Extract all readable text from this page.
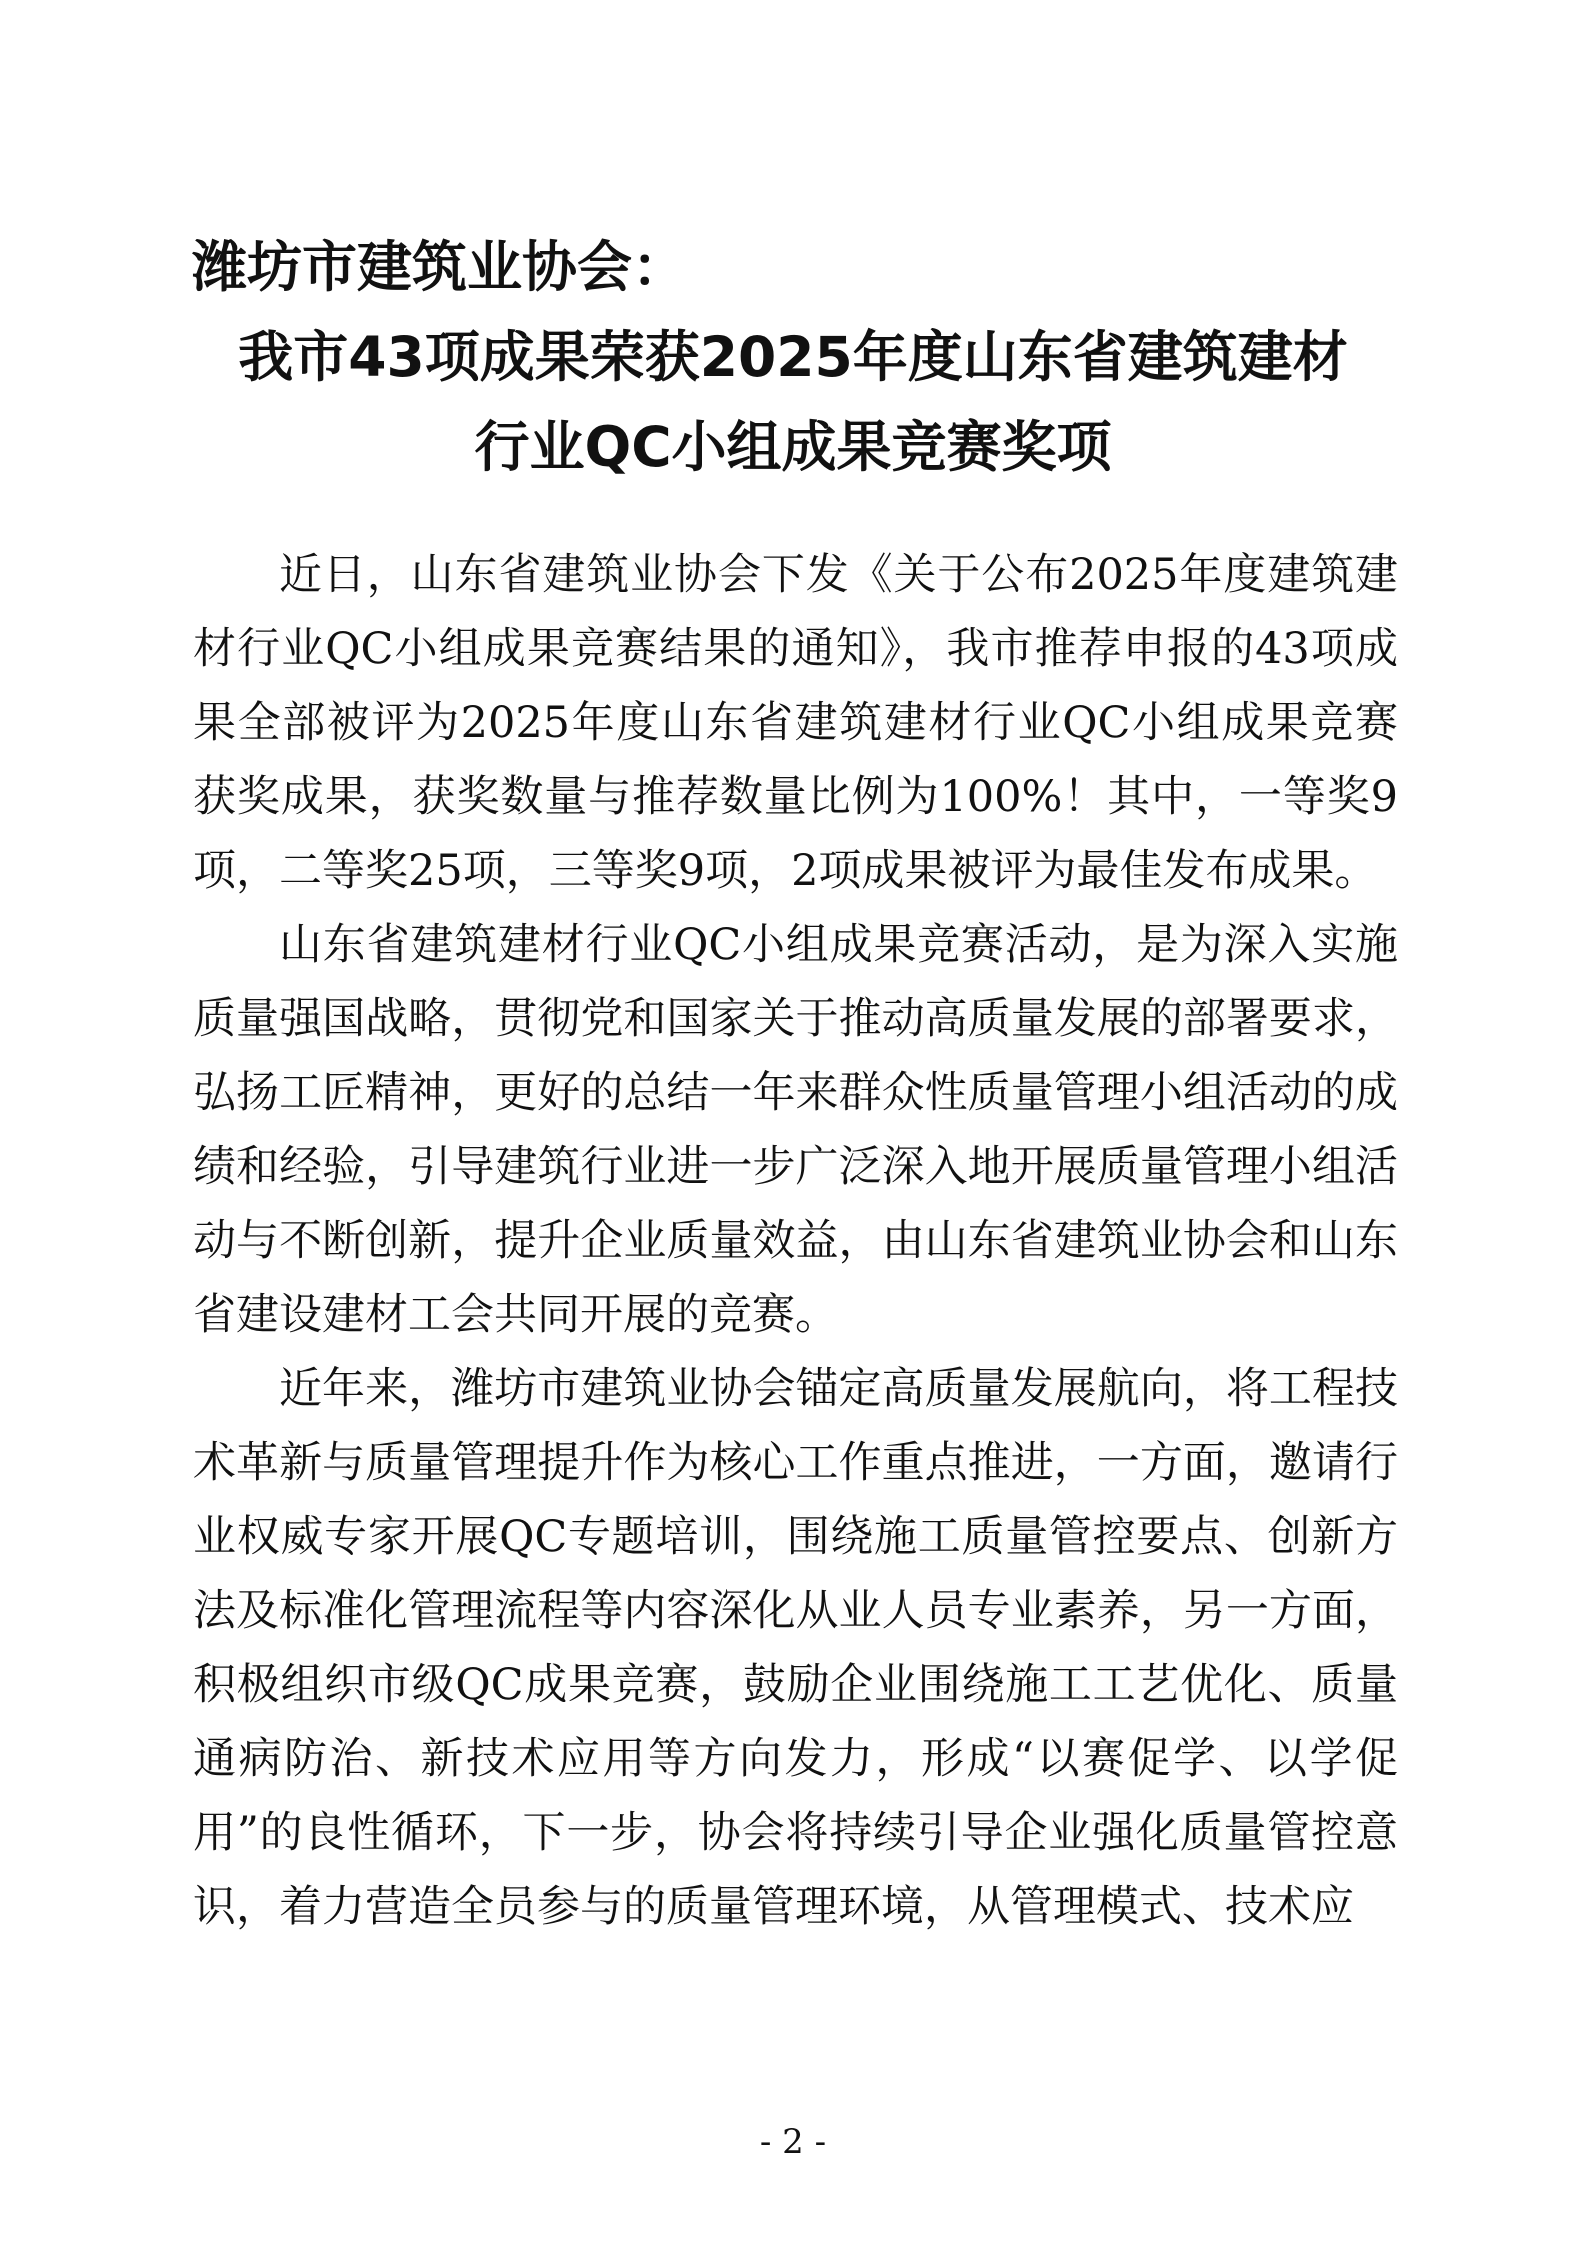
潍坊市建筑业协会：
我市43项成果荣获2025年度山东省建筑建材
行业QC小组成果竞赛奖项

近日，山东省建筑业协会下发《关于公布2025年度建筑建材行业QC小组成果竞赛结果的通知》，我市推荐申报的43项成果全部被评为2025年度山东省建筑建材行业QC小组成果竞赛获奖成果，获奖数量与推荐数量比例为100%！其中，一等奖9项，二等奖25项，三等奖9项，2项成果被评为最佳发布成果。

山东省建筑建材行业QC小组成果竞赛活动，是为深入实施质量强国战略，贯彻党和国家关于推动高质量发展的部署要求，弘扬工匠精神，更好的总结一年来群众性质量管理小组活动的成绩和经验，引导建筑行业进一步广泛深入地开展质量管理小组活动与不断创新，提升企业质量效益，由山东省建筑业协会和山东省建设建材工会共同开展的竞赛。

近年来，潍坊市建筑业协会锚定高质量发展航向，将工程技术革新与质量管理提升作为核心工作重点推进，一方面，邀请行业权威专家开展QC专题培训，围绕施工质量管控要点、创新方法及标准化管理流程等内容深化从业人员专业素养，另一方面，积极组织市级QC成果竞赛，鼓励企业围绕施工工艺优化、质量通病防治、新技术应用等方向发力，形成“以赛促学、以学促用”的良性循环，下一步，协会将持续引导企业强化质量管控意识，着力营造全员参与的质量管理环境，从管理模式、技术应

- 2 -
